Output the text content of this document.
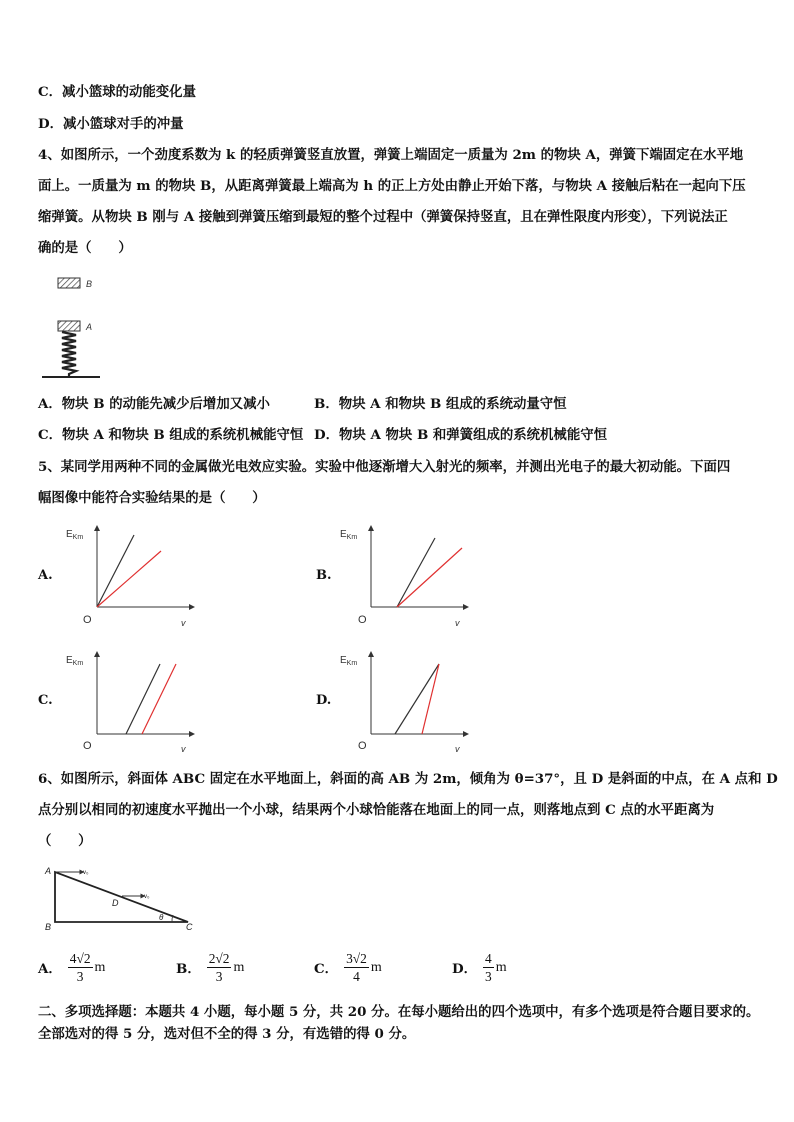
C．减小篮球的动能变化量
D．减小篮球对手的冲量
4、如图所示，一个劲度系数为 k 的轻质弹簧竖直放置，弹簧上端固定一质量为 2m 的物块 A，弹簧下端固定在水平地
面上。一质量为 m 的物块 B，从距离弹簧最上端高为 h 的正上方处由静止开始下落，与物块 A 接触后粘在一起向下压
缩弹簧。从物块 B 刚与 A 接触到弹簧压缩到最短的整个过程中（弹簧保持竖直，且在弹性限度内形变），下列说法正
确的是（　　）
B
A
A．物块 B 的动能先减少后增加又减小	B．物块 A 和物块 B 组成的系统动量守恒
C．物块 A 和物块 B 组成的系统机械能守恒 D．物块 A 物块 B 和弹簧组成的系统机械能守恒
5、某同学用两种不同的金属做光电效应实验。实验中他逐渐增大入射光的频率，并测出光电子的最大初动能。下面四
幅图像中能符合实验结果的是（　　）
A.	B.
C.	D.
$E_{Km}$
O	v
$E_{Km}$
O	v
$E_{Km}$
O	v
$E_{Km}$
O	v
6、如图所示，斜面体 ABC 固定在水平地面上，斜面的高 AB 为 2m，倾角为 θ=37°，且 D 是斜面的中点，在 A 点和 D
点分别以相同的初速度水平抛出一个小球，结果两个小球恰能落在地面上的同一点，则落地点到 C 点的水平距离为
（　　）
A
B	C
D
v₀
v₀
θ
A． $\frac{4√2}{3}$ m	B． $\frac{2√2}{3}$ m	C． $\frac{3√2}{4}$ m	D． $\frac{4}{3}$ m
二、多项选择题：本题共 4 小题，每小题 5 分，共 20 分。在每小题给出的四个选项中，有多个选项是符合题目要求的。
全部选对的得 5 分，选对但不全的得 3 分，有选错的得 0 分。
